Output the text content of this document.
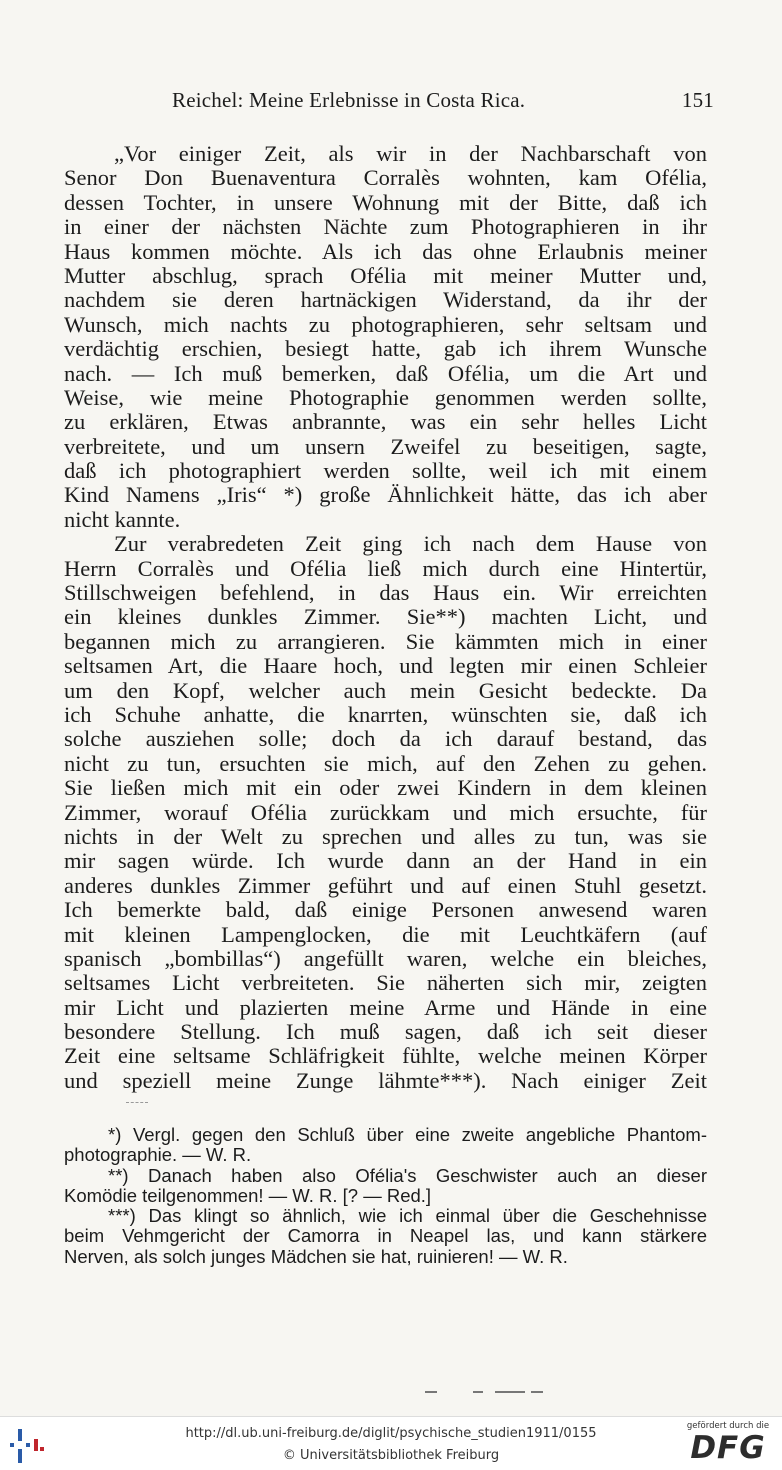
Reichel: Meine Erlebnisse in Costa Rica.	151
„Vor einiger Zeit, als wir in der Nachbarschaft von
Senor Don Buenaventura Corralès wohnten, kam Ofélia,
dessen Tochter, in unsere Wohnung mit der Bitte, daß ich
in einer der nächsten Nächte zum Photographieren in ihr
Haus kommen möchte. Als ich das ohne Erlaubnis meiner
Mutter abschlug, sprach Ofélia mit meiner Mutter und,
nachdem sie deren hartnäckigen Widerstand, da ihr der
Wunsch, mich nachts zu photographieren, sehr seltsam und
verdächtig erschien, besiegt hatte, gab ich ihrem Wunsche
nach. — Ich muß bemerken, daß Ofélia, um die Art und
Weise, wie meine Photographie genommen werden sollte,
zu erklären, Etwas anbrannte, was ein sehr helles Licht
verbreitete, und um unsern Zweifel zu beseitigen, sagte,
daß ich photographiert werden sollte, weil ich mit einem
Kind Namens „Iris“ *) große Ähnlichkeit hätte, das ich aber
nicht kannte.
Zur verabredeten Zeit ging ich nach dem Hause von
Herrn Corralès und Ofélia ließ mich durch eine Hintertür,
Stillschweigen befehlend, in das Haus ein. Wir erreichten
ein kleines dunkles Zimmer. Sie**) machten Licht, und
begannen mich zu arrangieren. Sie kämmten mich in einer
seltsamen Art, die Haare hoch, und legten mir einen Schleier
um den Kopf, welcher auch mein Gesicht bedeckte. Da
ich Schuhe anhatte, die knarrten, wünschten sie, daß ich
solche ausziehen solle; doch da ich darauf bestand, das
nicht zu tun, ersuchten sie mich, auf den Zehen zu gehen.
Sie ließen mich mit ein oder zwei Kindern in dem kleinen
Zimmer, worauf Ofélia zurückkam und mich ersuchte, für
nichts in der Welt zu sprechen und alles zu tun, was sie
mir sagen würde. Ich wurde dann an der Hand in ein
anderes dunkles Zimmer geführt und auf einen Stuhl gesetzt.
Ich bemerkte bald, daß einige Personen anwesend waren
mit kleinen Lampenglocken, die mit Leuchtkäfern (auf
spanisch „bombillas“) angefüllt waren, welche ein bleiches,
seltsames Licht verbreiteten. Sie näherten sich mir, zeigten
mir Licht und plazierten meine Arme und Hände in eine
besondere Stellung. Ich muß sagen, daß ich seit dieser
Zeit eine seltsame Schläfrigkeit fühlte, welche meinen Körper
und speziell meine Zunge lähmte***). Nach einiger Zeit
*) Vergl. gegen den Schluß über eine zweite angebliche Phantom-
photographie. — W. R.
**) Danach haben also Ofélia's Geschwister auch an dieser
Komödie teilgenommen! — W. R. [? — Red.]
***) Das klingt so ähnlich, wie ich einmal über die Geschehnisse
beim Vehmgericht der Camorra in Neapel las, und kann stärkere
Nerven, als solch junges Mädchen sie hat, ruinieren! — W. R.
http://dl.ub.uni-freiburg.de/diglit/psychische_studien1911/0155
© Universitätsbibliothek Freiburg
gefördert durch die
DFG
